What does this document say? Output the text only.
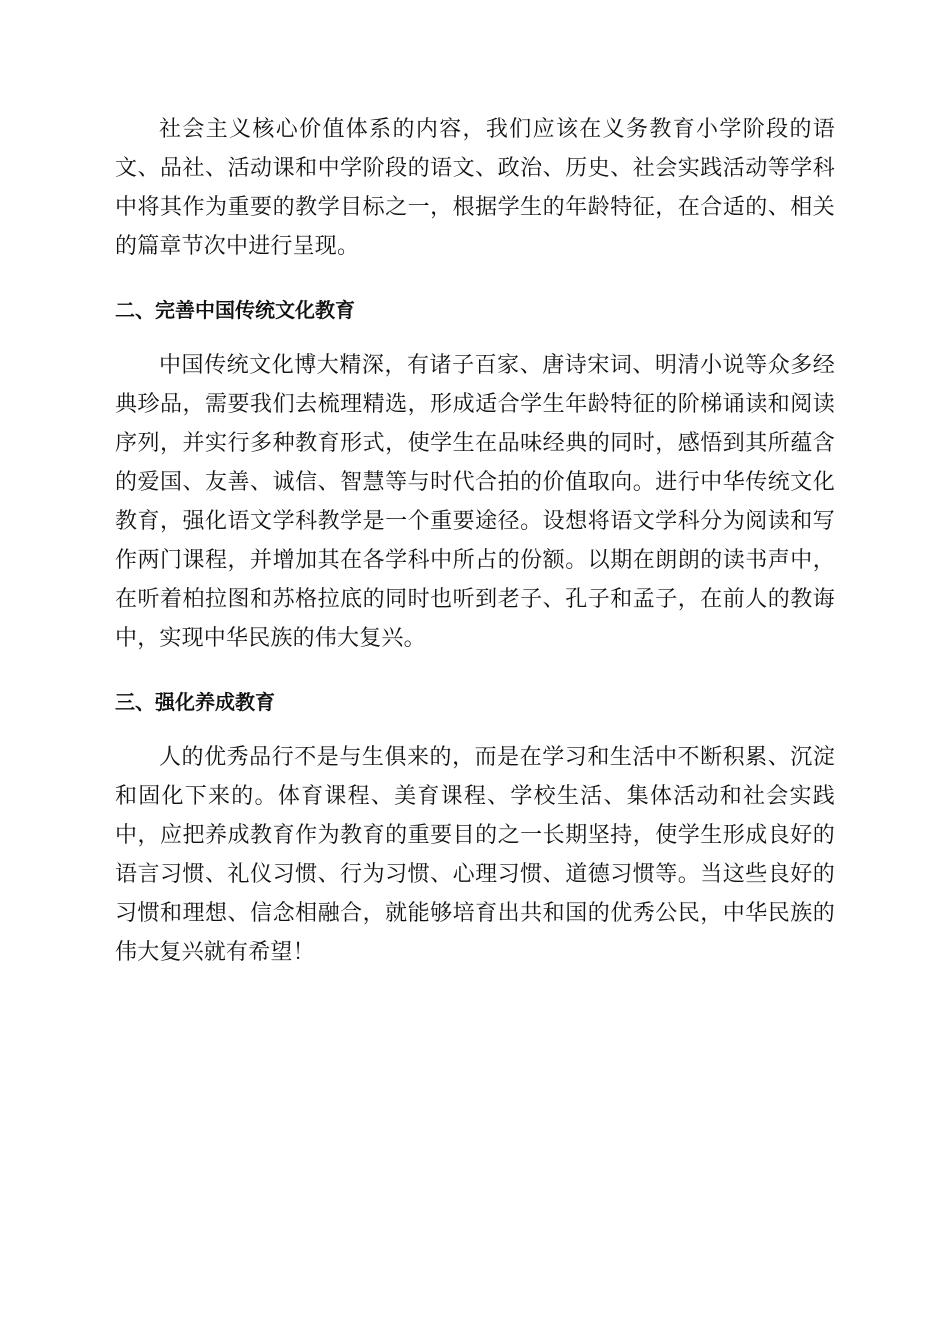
社会主义核心价值体系的内容，我们应该在义务教育小学阶段的语文、品社、活动课和中学阶段的语文、政治、历史、社会实践活动等学科中将其作为重要的教学目标之一，根据学生的年龄特征，在合适的、相关的篇章节次中进行呈现。

二、完善中国传统文化教育

中国传统文化博大精深，有诸子百家、唐诗宋词、明清小说等众多经典珍品，需要我们去梳理精选，形成适合学生年龄特征的阶梯诵读和阅读序列，并实行多种教育形式，使学生在品味经典的同时，感悟到其所蕴含的爱国、友善、诚信、智慧等与时代合拍的价值取向。进行中华传统文化教育，强化语文学科教学是一个重要途径。设想将语文学科分为阅读和写作两门课程，并增加其在各学科中所占的份额。以期在朗朗的读书声中，在听着柏拉图和苏格拉底的同时也听到老子、孔子和孟子，在前人的教诲中，实现中华民族的伟大复兴。

三、强化养成教育

人的优秀品行不是与生俱来的，而是在学习和生活中不断积累、沉淀和固化下来的。体育课程、美育课程、学校生活、集体活动和社会实践中，应把养成教育作为教育的重要目的之一长期坚持，使学生形成良好的语言习惯、礼仪习惯、行为习惯、心理习惯、道德习惯等。当这些良好的习惯和理想、信念相融合，就能够培育出共和国的优秀公民，中华民族的伟大复兴就有希望！
